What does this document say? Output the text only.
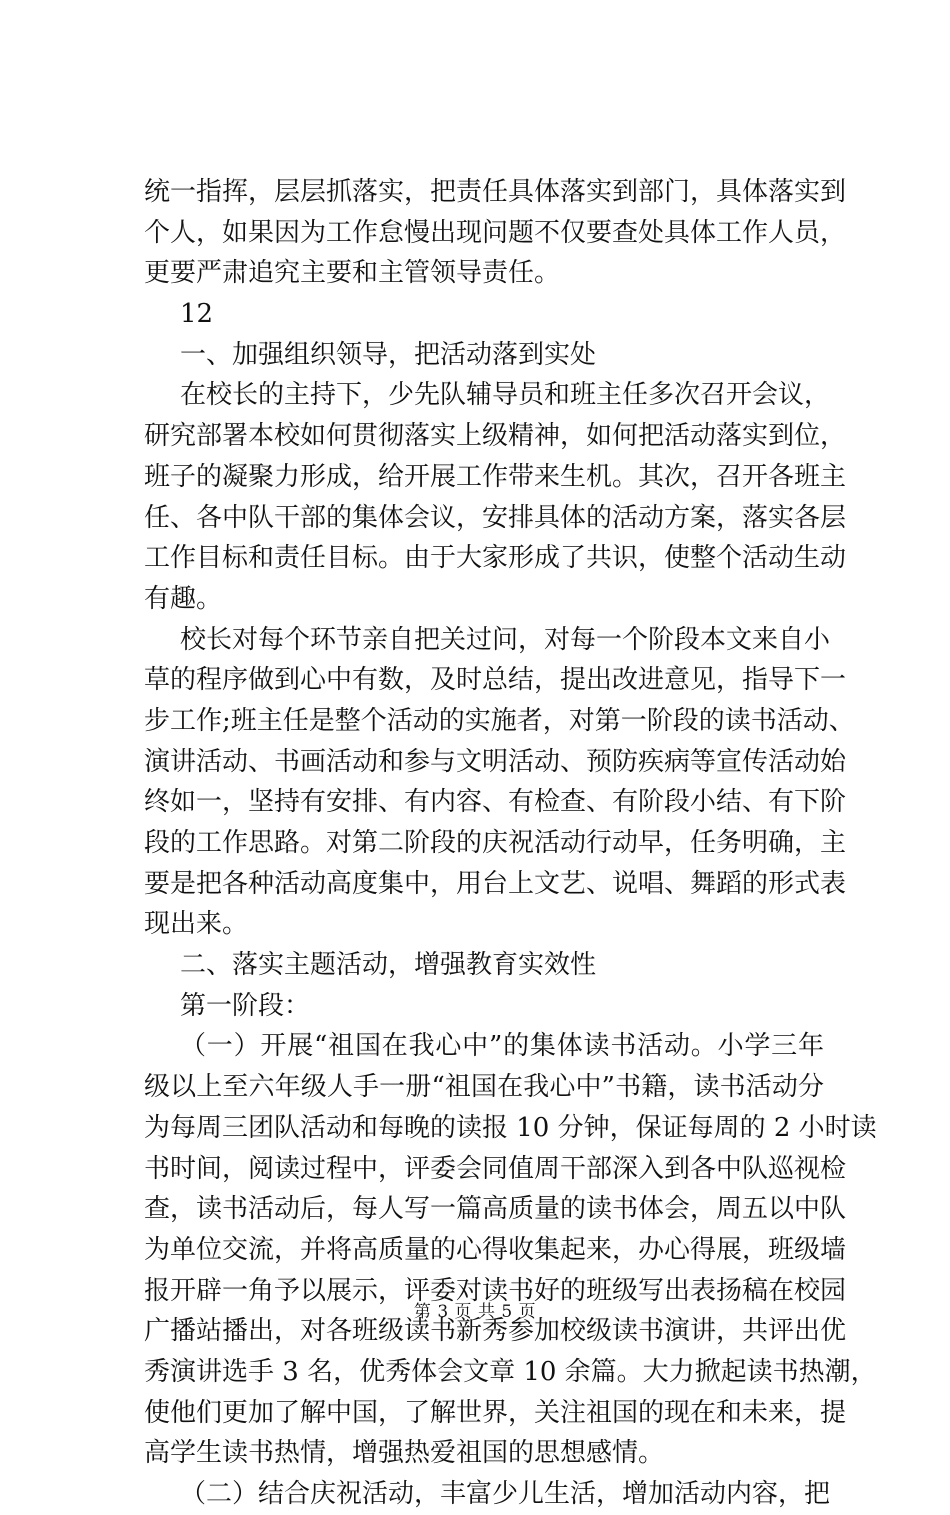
统一指挥，层层抓落实，把责任具体落实到部门，具体落实到
个人，如果因为工作怠慢出现问题不仅要查处具体工作人员，
更要严肃追究主要和主管领导责任。
12
一、加强组织领导，把活动落到实处
在校长的主持下，少先队辅导员和班主任多次召开会议，
研究部署本校如何贯彻落实上级精神，如何把活动落实到位，
班子的凝聚力形成，给开展工作带来生机。其次，召开各班主
任、各中队干部的集体会议，安排具体的活动方案，落实各层
工作目标和责任目标。由于大家形成了共识，使整个活动生动
有趣。
校长对每个环节亲自把关过问，对每一个阶段本文来自小
草的程序做到心中有数，及时总结，提出改进意见，指导下一
步工作;班主任是整个活动的实施者，对第一阶段的读书活动、
演讲活动、书画活动和参与文明活动、预防疾病等宣传活动始
终如一，坚持有安排、有内容、有检查、有阶段小结、有下阶
段的工作思路。对第二阶段的庆祝活动行动早，任务明确，主
要是把各种活动高度集中，用台上文艺、说唱、舞蹈的形式表
现出来。
二、落实主题活动，增强教育实效性
第一阶段：
（一）开展“祖国在我心中”的集体读书活动。小学三年
级以上至六年级人手一册“祖国在我心中”书籍，读书活动分
为每周三团队活动和每晚的读报 10 分钟，保证每周的 2 小时读
书时间，阅读过程中，评委会同值周干部深入到各中队巡视检
查，读书活动后，每人写一篇高质量的读书体会，周五以中队
为单位交流，并将高质量的心得收集起来，办心得展，班级墙
报开辟一角予以展示，评委对读书好的班级写出表扬稿在校园
广播站播出，对各班级读书新秀参加校级读书演讲，共评出优
秀演讲选手 3 名，优秀体会文章 10 余篇。大力掀起读书热潮，
使他们更加了解中国，了解世界，关注祖国的现在和未来，提
高学生读书热情，增强热爱祖国的思想感情。
（二）结合庆祝活动，丰富少儿生活，增加活动内容，把
第 3 页 共 5 页
